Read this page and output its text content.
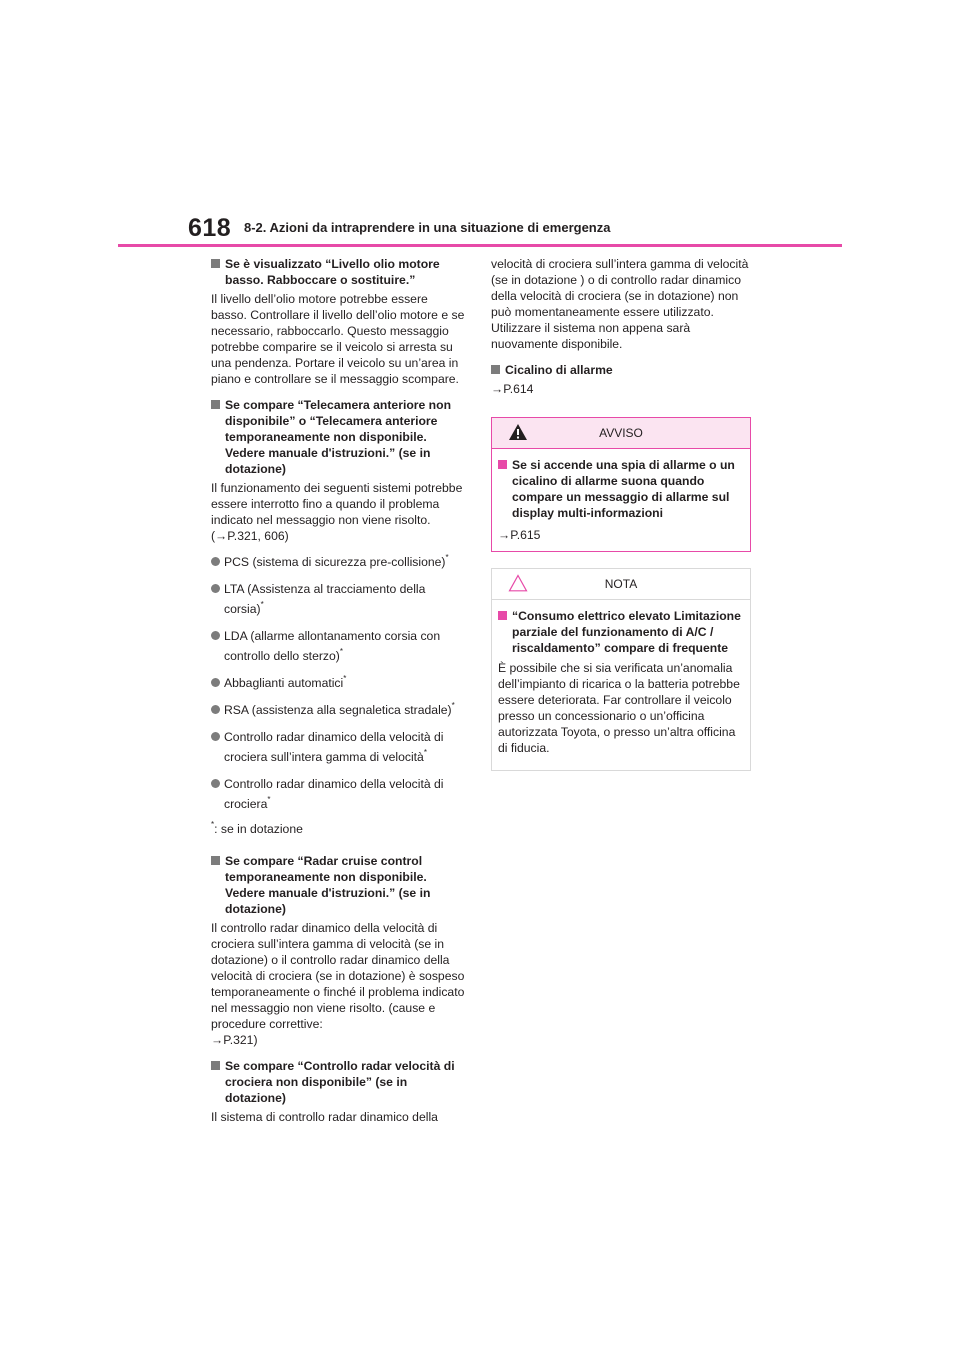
618 8-2. Azioni da intraprendere in una situazione di emergenza
Se è visualizzato “Livello olio motore basso. Rabboccare o sostituire.”

Il livello dell’olio motore potrebbe essere basso. Controllare il livello dell’olio motore e se necessario, rabboccarlo. Questo messaggio potrebbe comparire se il veicolo si arresta su una pendenza. Portare il veicolo su un’area in piano e controllare se il messaggio scompare.

Se compare “Telecamera anteriore non disponibile” o “Telecamera anteriore temporaneamente non disponibile. Vedere manuale d'istruzioni.” (se in dotazione)

Il funzionamento dei seguenti sistemi potrebbe essere interrotto fino a quando il problema indicato nel messaggio non viene risolto. (→P.321, 606)

PCS (sistema di sicurezza pre-collisione)*
LTA (Assistenza al tracciamento della corsia)*
LDA (allarme allontanamento corsia con controllo dello sterzo)*
Abbaglianti automatici*
RSA (assistenza alla segnaletica stradale)*
Controllo radar dinamico della velocità di crociera sull’intera gamma di velocità*
Controllo radar dinamico della velocità di crociera*

*: se in dotazione

Se compare “Radar cruise control temporaneamente non disponibile. Vedere manuale d'istruzioni.” (se in dotazione)

Il controllo radar dinamico della velocità di crociera sull’intera gamma di velocità (se in dotazione) o il controllo radar dinamico della velocità di crociera (se in dotazione) è sospeso temporaneamente o finché il problema indicato nel messaggio non viene risolto. (cause e procedure correttive:
→P.321)

Se compare “Controllo radar velocità di crociera non disponibile” (se in dotazione)

Il sistema di controllo radar dinamico della

velocità di crociera sull’intera gamma di velocità (se in dotazione ) o di controllo radar dinamico della velocità di crociera (se in dotazione) non può momentaneamente essere utilizzato. Utilizzare il sistema non appena sarà nuovamente disponibile.

Cicalino di allarme

→P.614

AVVISO
Se si accende una spia di allarme o un cicalino di allarme suona quando compare un messaggio di allarme sul display multi-informazioni

→P.615

NOTA
“Consumo elettrico elevato Limitazione parziale del funzionamento di A/C / riscaldamento” compare di frequente

È possibile che si sia verificata un’anomalia dell’impianto di ricarica o la batteria potrebbe essere deteriorata. Far controllare il veicolo presso un concessionario o un’officina autorizzata Toyota, o presso un’altra officina di fiducia.
